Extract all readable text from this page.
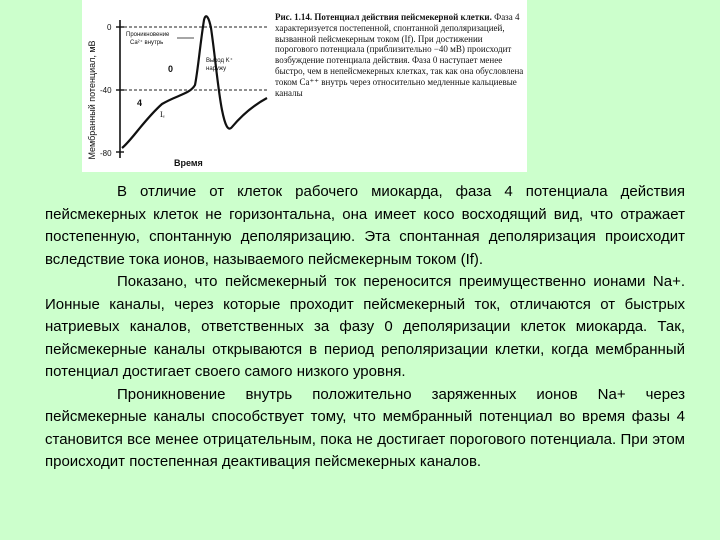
Мембранный потенциал, мВ
0
-40
-80
Проникновение Ca²⁺ внутрь
Выход K⁺ наружу
0
4
Iₑ
Время
Рис. 1.14. Потенциал действия пейсмекерной клетки. Фаза 4 характеризуется постепенной, спонтанной деполяризацией, вызванной пейсмекерным током (If). При достижении порогового потенциала (приблизительно −40 мВ) происходит возбуждение потенциала действия. Фаза 0 наступает менее быстро, чем в непейсмекерных клетках, так как она обусловлена током Ca⁺⁺ внутрь через относительно медленные кальциевые каналы

В отличие от клеток рабочего миокарда, фаза 4 потенциала действия пейсмекерных клеток не горизонтальна, она имеет косо восходящий вид, что отражает постепенную, спонтанную деполяризацию. Эта спонтанная деполяризация происходит вследствие тока ионов, называемого пейсмекерным током (If).

Показано, что пейсмекерный ток переносится преимущественно ионами Na+. Ионные каналы, через которые проходит пейсмекерный ток, отличаются от быстрых натриевых каналов, ответственных за фазу 0 деполяризации клеток миокарда. Так, пейсмекерные каналы открываются в период реполяризации клетки, когда мембранный потенциал достигает своего самого низкого уровня.

Проникновение внутрь положительно заряженных ионов Na+ через пейсмекерные каналы способствует тому, что мембранный потенциал во время фазы 4 становится все менее отрицательным, пока не достигает порогового потенциала. При этом происходит постепенная деактивация пейсмекерных каналов.
